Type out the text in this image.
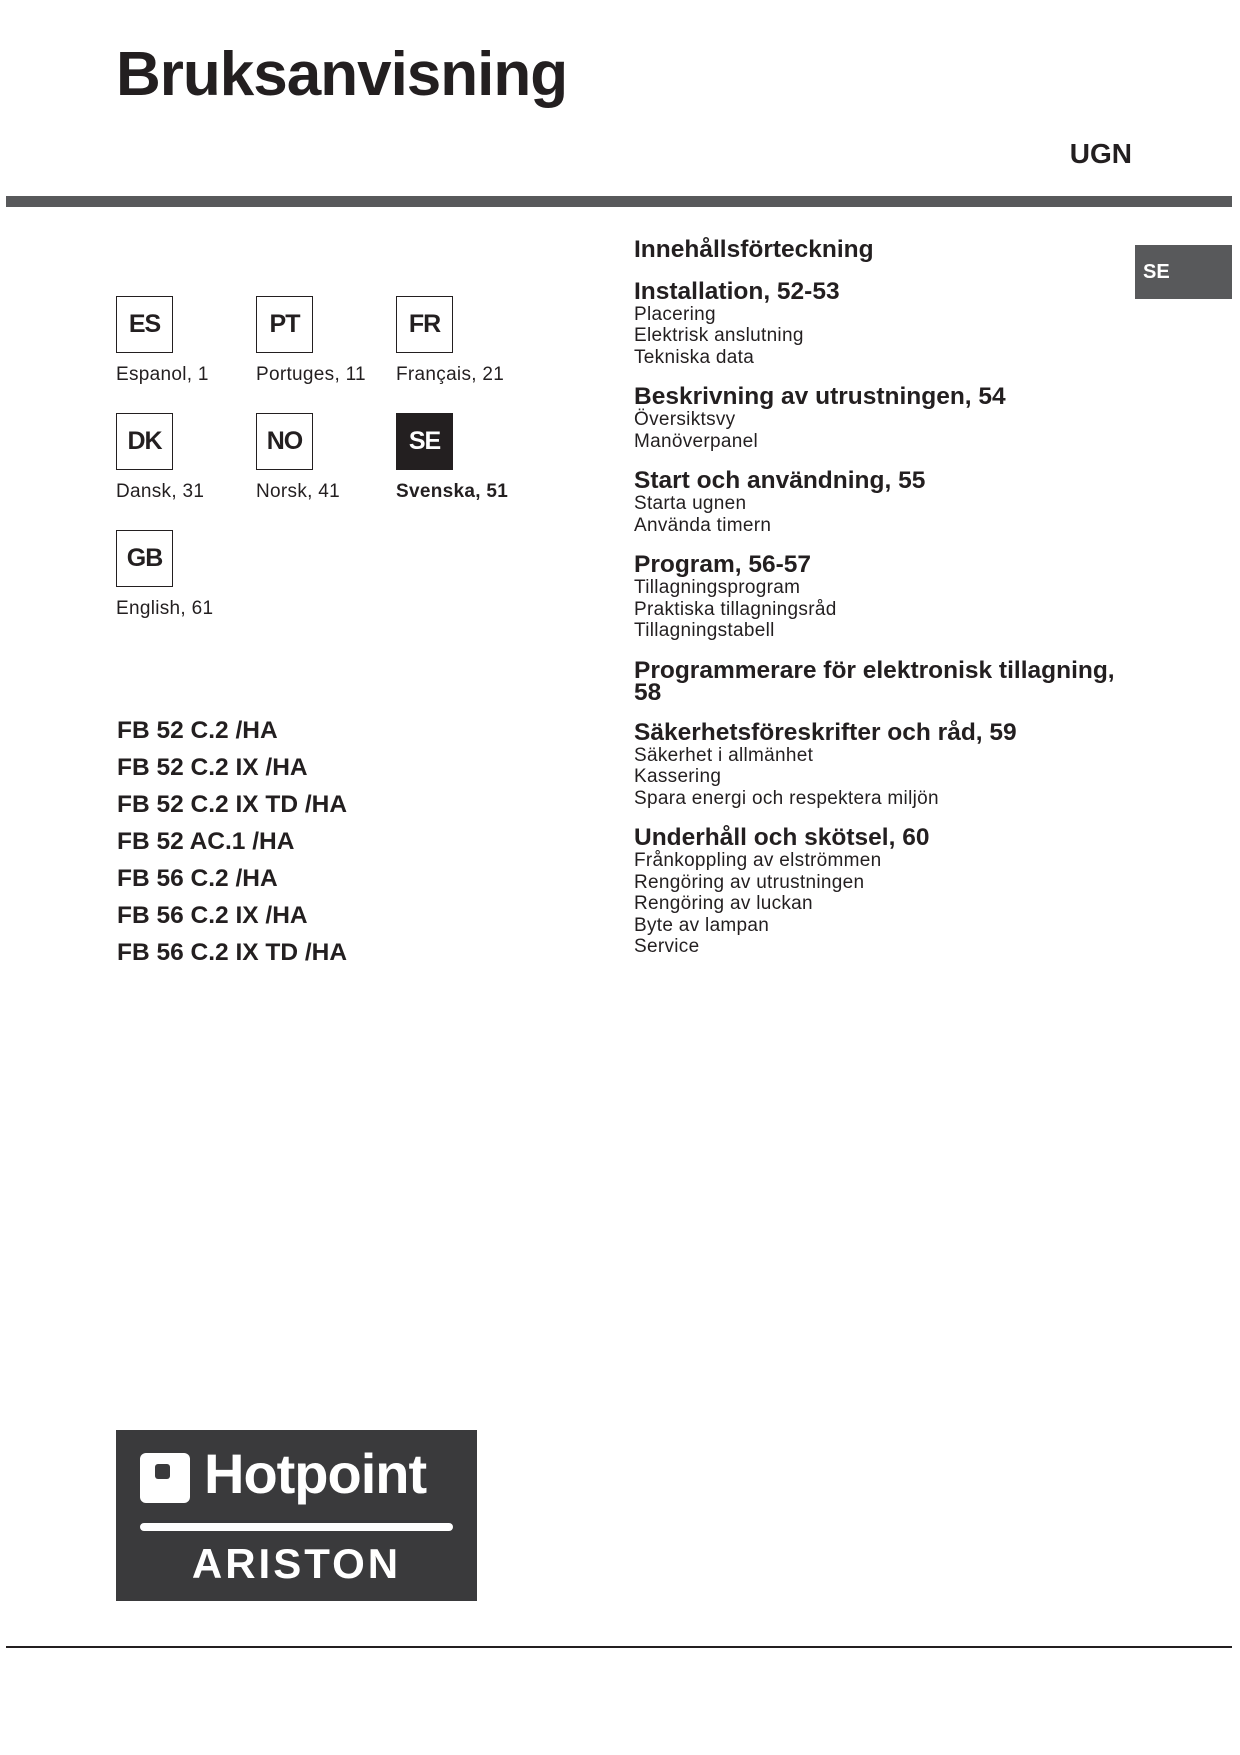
Bruksanvisning
UGN
SE
ES
Espanol, 1
PT
Portuges, 11
FR
Français, 21
DK
Dansk, 31
NO
Norsk, 41
SE
Svenska, 51
GB
English, 61
FB 52 C.2 /HA
FB 52 C.2 IX /HA
FB 52 C.2 IX TD /HA
FB 52 AC.1 /HA
FB 56 C.2 /HA
FB 56 C.2 IX /HA
FB 56 C.2 IX TD /HA
Innehållsförteckning
Installation, 52-53
Placering
Elektrisk anslutning
Tekniska data
Beskrivning av utrustningen, 54
Översiktsvy
Manöverpanel
Start och användning, 55
Starta ugnen
Använda timern
Program, 56-57
Tillagningsprogram
Praktiska tillagningsråd
Tillagningstabell
Programmerare för elektronisk tillagning, 58
Säkerhetsföreskrifter och råd, 59
Säkerhet i allmänhet
Kassering
Spara energi och respektera miljön
Underhåll och skötsel, 60
Frånkoppling av elströmmen
Rengöring av utrustningen
Rengöring av luckan
Byte av lampan
Service
Hotpoint
ARISTON
